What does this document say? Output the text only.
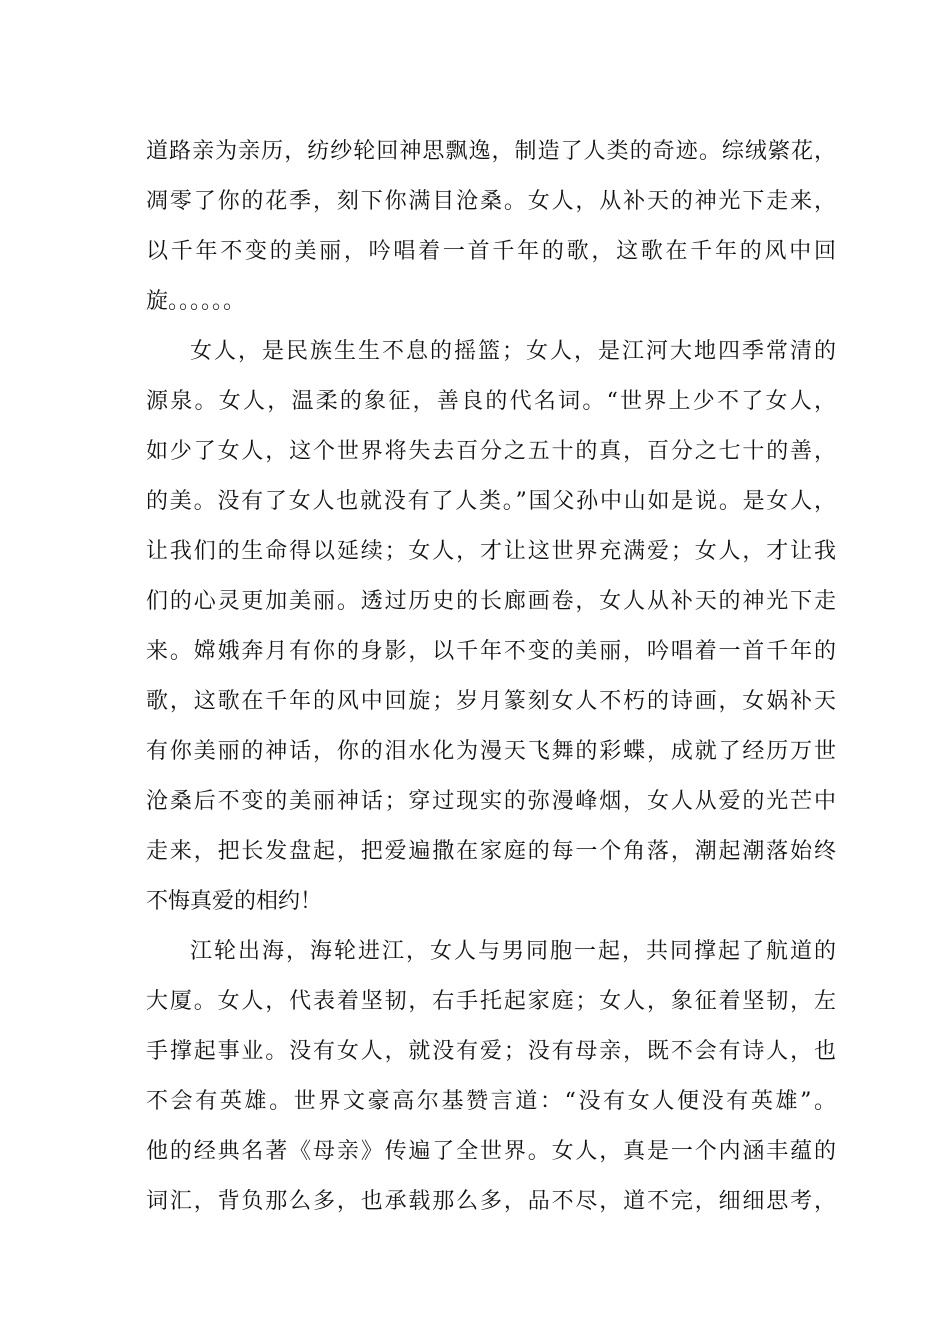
道路亲为亲历，纺纱轮回神思飘逸，制造了人类的奇迹。综绒綮花，
凋零了你的花季，刻下你满目沧桑。女人，从补天的神光下走来，
以千年不变的美丽，吟唱着一首千年的歌，这歌在千年的风中回
旋。。。。。。
女人，是民族生生不息的摇篮；女人，是江河大地四季常清的
源泉。女人，温柔的象征，善良的代名词。“世界上少不了女人，
如少了女人，这个世界将失去百分之五十的真，百分之七十的善，
的美。没有了女人也就没有了人类。”国父孙中山如是说。是女人，
让我们的生命得以延续；女人，才让这世界充满爱；女人，才让我
们的心灵更加美丽。透过历史的长廊画卷，女人从补天的神光下走
来。嫦娥奔月有你的身影，以千年不变的美丽，吟唱着一首千年的
歌，这歌在千年的风中回旋；岁月篆刻女人不朽的诗画，女娲补天
有你美丽的神话，你的泪水化为漫天飞舞的彩蝶，成就了经历万世
沧桑后不变的美丽神话；穿过现实的弥漫峰烟，女人从爱的光芒中
走来，把长发盘起，把爱遍撒在家庭的每一个角落，潮起潮落始终
不悔真爱的相约！
江轮出海，海轮进江，女人与男同胞一起，共同撑起了航道的
大厦。女人，代表着坚韧，右手托起家庭；女人，象征着坚韧，左
手撑起事业。没有女人，就没有爱；没有母亲，既不会有诗人，也
不会有英雄。世界文豪高尔基赞言道：“没有女人便没有英雄”。
他的经典名著《母亲》传遍了全世界。女人，真是一个内涵丰蕴的
词汇，背负那么多，也承载那么多，品不尽，道不完，细细思考，
